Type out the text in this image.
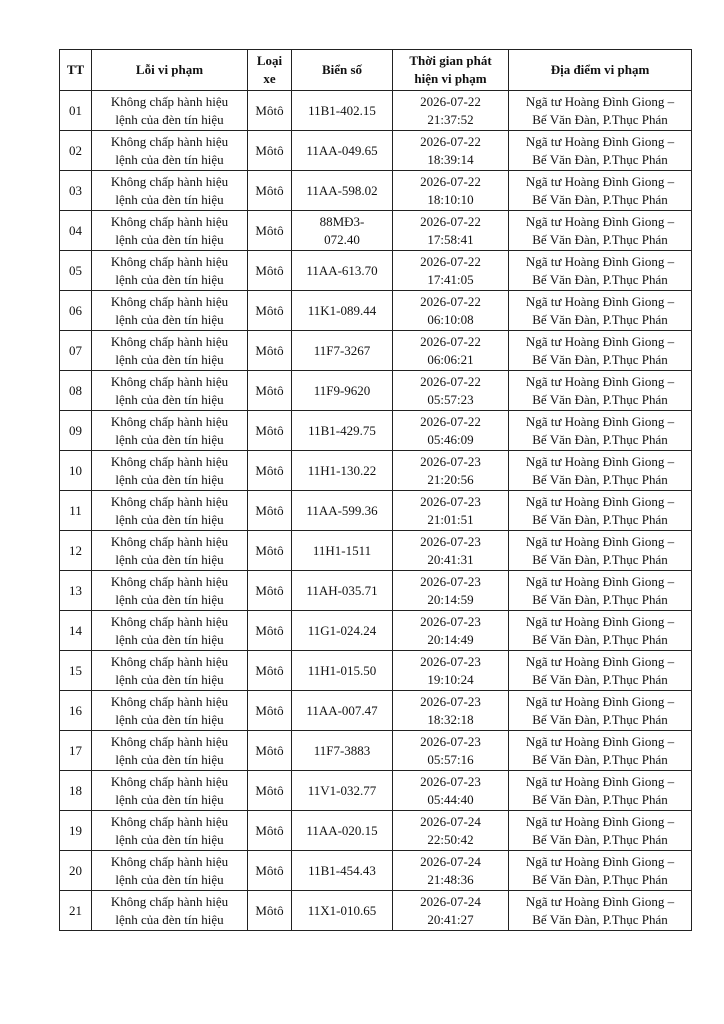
TT	Lỗi vi phạm	Loại
xe	Biển số	Thời gian phát
hiện vi phạm	Địa điểm vi phạm
01	Không chấp hành hiệu
lệnh của đèn tín hiệu	Môtô	11B1-402.15	2026-07-22
21:37:52	Ngã tư Hoàng Đình Giong –
Bế Văn Đàn, P.Thục Phán

02	Không chấp hành hiệu
lệnh của đèn tín hiệu	Môtô	11AA-049.65	2026-07-22
18:39:14	Ngã tư Hoàng Đình Giong –
Bế Văn Đàn, P.Thục Phán

03	Không chấp hành hiệu
lệnh của đèn tín hiệu	Môtô	11AA-598.02	2026-07-22
18:10:10	Ngã tư Hoàng Đình Giong –
Bế Văn Đàn, P.Thục Phán

04	Không chấp hành hiệu
lệnh của đèn tín hiệu	Môtô	88MĐ3-
072.40	2026-07-22
17:58:41	Ngã tư Hoàng Đình Giong –
Bế Văn Đàn, P.Thục Phán

05	Không chấp hành hiệu
lệnh của đèn tín hiệu	Môtô	11AA-613.70	2026-07-22
17:41:05	Ngã tư Hoàng Đình Giong –
Bế Văn Đàn, P.Thục Phán

06	Không chấp hành hiệu
lệnh của đèn tín hiệu	Môtô	11K1-089.44	2026-07-22
06:10:08	Ngã tư Hoàng Đình Giong –
Bế Văn Đàn, P.Thục Phán

07	Không chấp hành hiệu
lệnh của đèn tín hiệu	Môtô	11F7-3267	2026-07-22
06:06:21	Ngã tư Hoàng Đình Giong –
Bế Văn Đàn, P.Thục Phán

08	Không chấp hành hiệu
lệnh của đèn tín hiệu	Môtô	11F9-9620	2026-07-22
05:57:23	Ngã tư Hoàng Đình Giong –
Bế Văn Đàn, P.Thục Phán

09	Không chấp hành hiệu
lệnh của đèn tín hiệu	Môtô	11B1-429.75	2026-07-22
05:46:09	Ngã tư Hoàng Đình Giong –
Bế Văn Đàn, P.Thục Phán

10	Không chấp hành hiệu
lệnh của đèn tín hiệu	Môtô	11H1-130.22	2026-07-23
21:20:56	Ngã tư Hoàng Đình Giong –
Bế Văn Đàn, P.Thục Phán

11	Không chấp hành hiệu
lệnh của đèn tín hiệu	Môtô	11AA-599.36	2026-07-23
21:01:51	Ngã tư Hoàng Đình Giong –
Bế Văn Đàn, P.Thục Phán

12	Không chấp hành hiệu
lệnh của đèn tín hiệu	Môtô	11H1-1511	2026-07-23
20:41:31	Ngã tư Hoàng Đình Giong –
Bế Văn Đàn, P.Thục Phán

13	Không chấp hành hiệu
lệnh của đèn tín hiệu	Môtô	11AH-035.71	2026-07-23
20:14:59	Ngã tư Hoàng Đình Giong –
Bế Văn Đàn, P.Thục Phán

14	Không chấp hành hiệu
lệnh của đèn tín hiệu	Môtô	11G1-024.24	2026-07-23
20:14:49	Ngã tư Hoàng Đình Giong –
Bế Văn Đàn, P.Thục Phán

15	Không chấp hành hiệu
lệnh của đèn tín hiệu	Môtô	11H1-015.50	2026-07-23
19:10:24	Ngã tư Hoàng Đình Giong –
Bế Văn Đàn, P.Thục Phán

16	Không chấp hành hiệu
lệnh của đèn tín hiệu	Môtô	11AA-007.47	2026-07-23
18:32:18	Ngã tư Hoàng Đình Giong –
Bế Văn Đàn, P.Thục Phán

17	Không chấp hành hiệu
lệnh của đèn tín hiệu	Môtô	11F7-3883	2026-07-23
05:57:16	Ngã tư Hoàng Đình Giong –
Bế Văn Đàn, P.Thục Phán

18	Không chấp hành hiệu
lệnh của đèn tín hiệu	Môtô	11V1-032.77	2026-07-23
05:44:40	Ngã tư Hoàng Đình Giong –
Bế Văn Đàn, P.Thục Phán

19	Không chấp hành hiệu
lệnh của đèn tín hiệu	Môtô	11AA-020.15	2026-07-24
22:50:42	Ngã tư Hoàng Đình Giong –
Bế Văn Đàn, P.Thục Phán

20	Không chấp hành hiệu
lệnh của đèn tín hiệu	Môtô	11B1-454.43	2026-07-24
21:48:36	Ngã tư Hoàng Đình Giong –
Bế Văn Đàn, P.Thục Phán

21	Không chấp hành hiệu
lệnh của đèn tín hiệu	Môtô	11X1-010.65	2026-07-24
20:41:27	Ngã tư Hoàng Đình Giong –
Bế Văn Đàn, P.Thục Phán
